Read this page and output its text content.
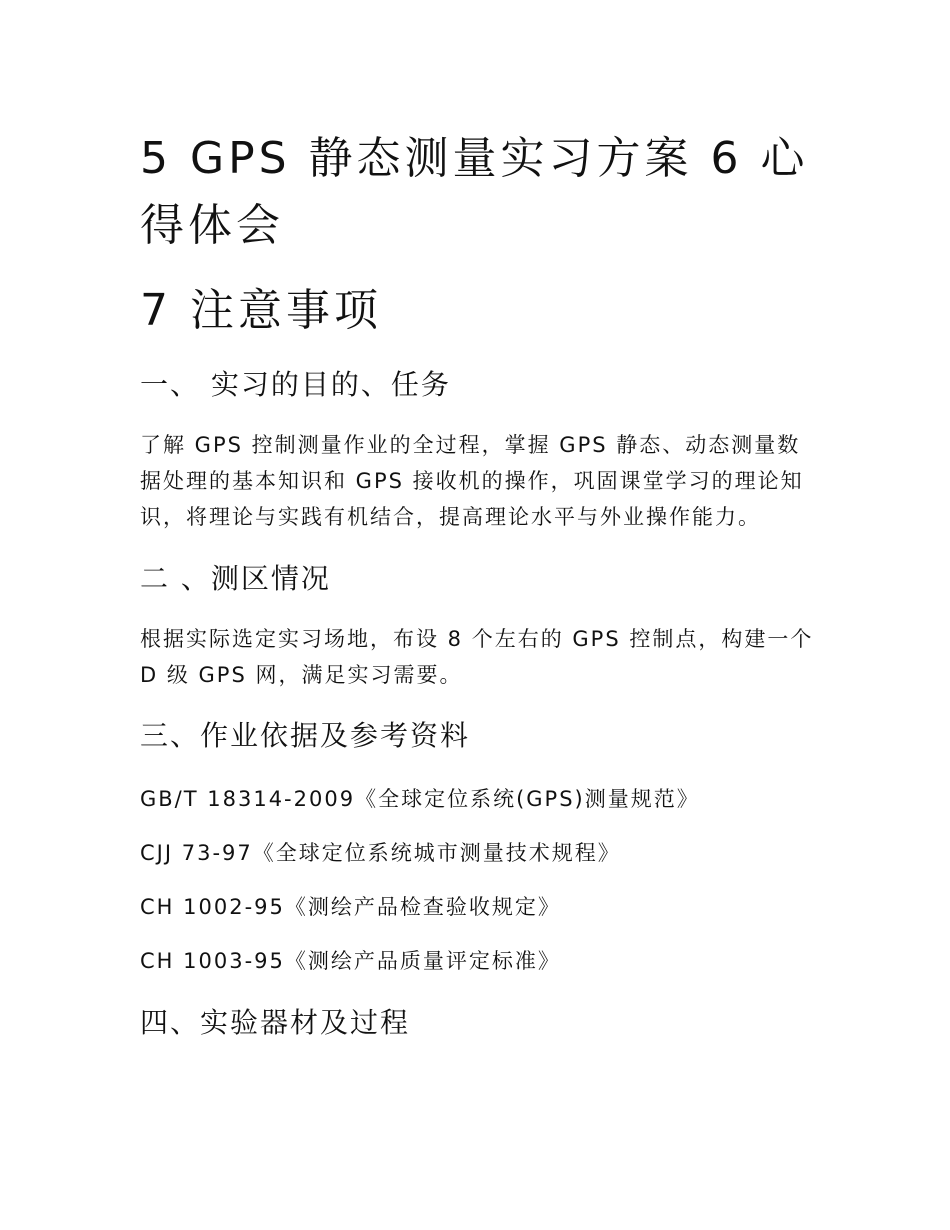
5 GPS 静态测量实习方案 6 心得体会
7 注意事项
一、 实习的目的、任务

了解 GPS 控制测量作业的全过程，掌握 GPS 静态、动态测量数据处理的基本知识和 GPS 接收机的操作，巩固课堂学习的理论知识，将理论与实践有机结合，提高理论水平与外业操作能力。

二 、测区情况

根据实际选定实习场地，布设 8 个左右的 GPS 控制点，构建一个 D 级 GPS 网，满足实习需要。

三、作业依据及参考资料
GB/T 18314-2009《全球定位系统(GPS)测量规范》
CJJ 73-97《全球定位系统城市测量技术规程》
CH 1002-95《测绘产品检查验收规定》
CH 1003-95《测绘产品质量评定标准》
四、实验器材及过程
